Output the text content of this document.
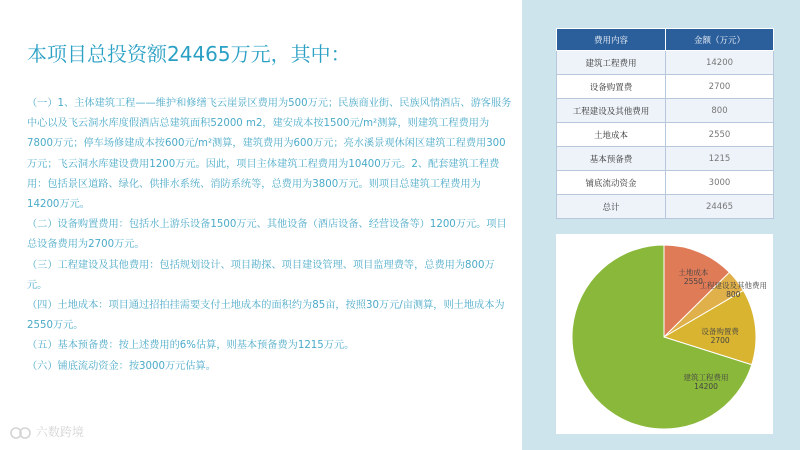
本项目总投资额24465万元，其中：

（一）1、主体建筑工程——维护和修缮飞云崖景区费用为500万元；民族商业街、民族风情酒店、游客服务中心以及飞云洞水库度假酒店总建筑面积52000 m2，建安成本按1500元/m²测算，则建筑工程费用为7800万元；停车场修建成本按600元/m²测算，建筑费用为600万元；亮水溪景观休闲区建筑工程费用300万元；飞云洞水库建设费用1200万元。因此，项目主体建筑工程费用为10400万元。2、配套建筑工程费用：包括景区道路、绿化、供排水系统、消防系统等，总费用为3800万元。则项目总建筑工程费用为14200万元。

（二）设备购置费用：包括水上游乐设备1500万元、其他设备（酒店设备、经营设备等）1200万元。项目总设备费用为2700万元。

（三）工程建设及其他费用：包括规划设计、项目勘探、项目建设管理、项目监理费等，总费用为800万元。

（四）土地成本：项目通过招拍挂需要支付土地成本的面积约为85亩，按照30万元/亩测算，则土地成本为2550万元。

（五）基本预备费：按上述费用的6%估算，则基本预备费为1215万元。

（六）铺底流动资金：按3000万元估算。

费用内容	金额（万元）
建筑工程费用	14200
设备购置费	2700
工程建设及其他费用	800
土地成本	2550
基本预备费	1215
铺底流动资金	3000
总计	24465
土地成本 2550
工程建设及其他费用 800
设备购置费 2700
建筑工程费用 14200
六数跨境
